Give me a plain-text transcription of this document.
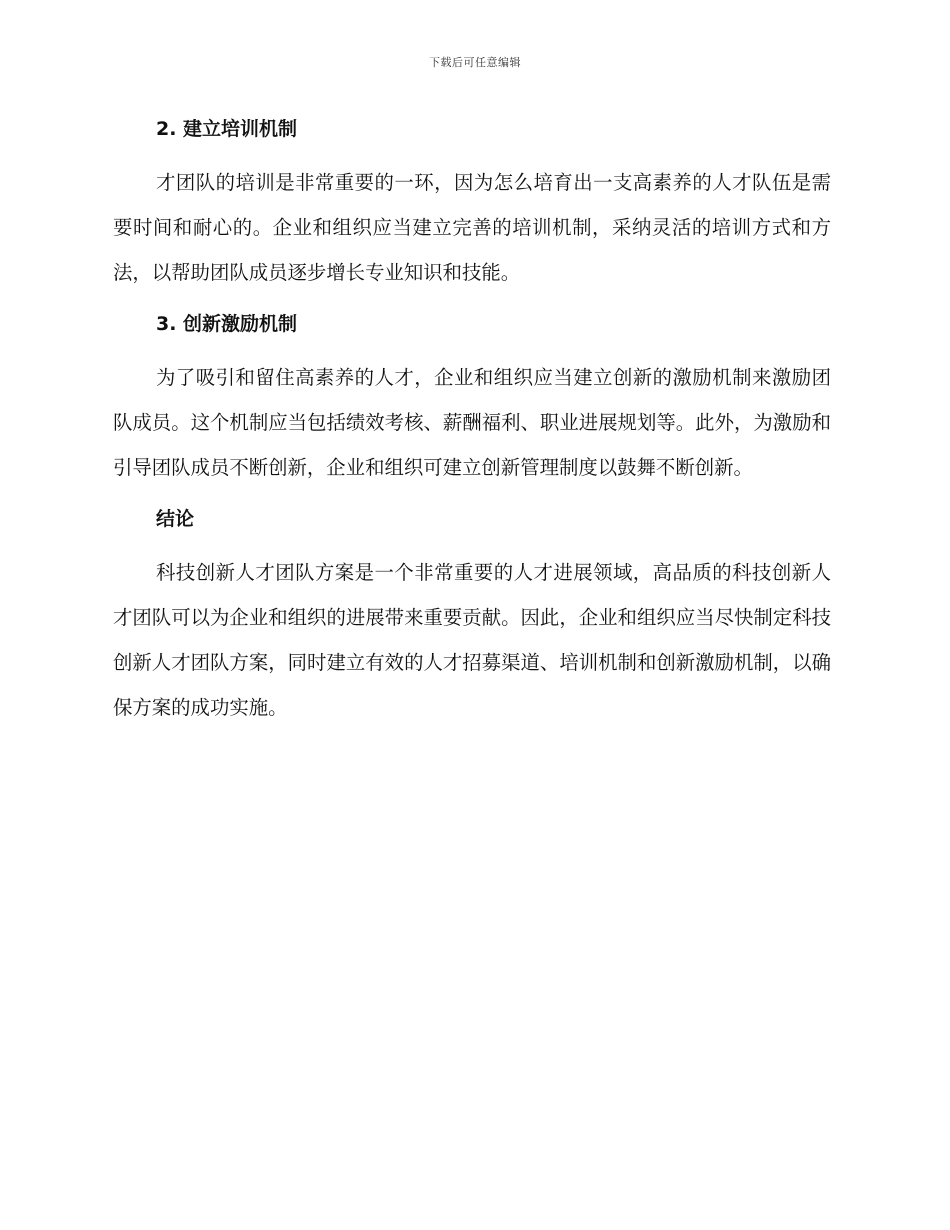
下载后可任意编辑
2. 建立培训机制

才团队的培训是非常重要的一环，因为怎么培育出一支高素养的人才队伍是需要时间和耐心的。企业和组织应当建立完善的培训机制，采纳灵活的培训方式和方法，以帮助团队成员逐步增长专业知识和技能。

3. 创新激励机制

为了吸引和留住高素养的人才，企业和组织应当建立创新的激励机制来激励团队成员。这个机制应当包括绩效考核、薪酬福利、职业进展规划等。此外，为激励和引导团队成员不断创新，企业和组织可建立创新管理制度以鼓舞不断创新。

结论

科技创新人才团队方案是一个非常重要的人才进展领域，高品质的科技创新人才团队可以为企业和组织的进展带来重要贡献。因此，企业和组织应当尽快制定科技创新人才团队方案，同时建立有效的人才招募渠道、培训机制和创新激励机制，以确保方案的成功实施。
